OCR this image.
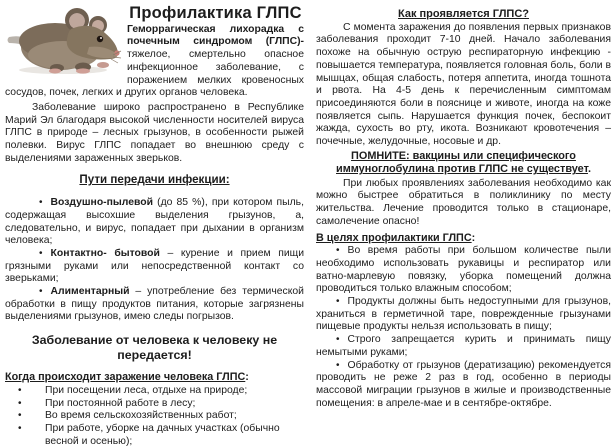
Профилактика ГЛПС

Геморрагическая лихорадка с почечным синдромом (ГЛПС)- тяжелое, смертельно опасное инфекционное заболевание, с поражением мелких кровеносных сосудов, почек, легких и других органов человека.

Заболевание широко распространено в Республике Марий Эл благодаря высокой численности носителей вируса ГЛПС в природе – лесных грызунов, в особенности рыжей полевки. Вирус ГЛПС попадает во внешнюю среду с выделениями зараженных зверьков.

Пути передачи инфекции:

• Воздушно-пылевой (до 85 %), при котором пыль, содержащая высохшие выделения грызунов, а, следовательно, и вирус, попадает при дыхании в организм человека;

• Контактно- бытовой – курение и прием пищи грязными руками или непосредственной контакт со зверьками;

• Алиментарный – употребление без термической обработки в пищу продуктов питания, которые загрязнены выделениями грызунов, имею следы погрызов.

Заболевание от человека к человеку не передается!
Когда происходит заражение человека ГЛПС:
• При посещении леса, отдыхе на природе;
• При постоянной работе в лесу;
• Во время сельскохозяйственных работ;
• При работе, уборке на дачных участках (обычно весной и осенью);
Как проявляется ГЛПС?

С момента заражения до появления первых признаков заболевания проходит 7-10 дней. Начало заболевания похоже на обычную острую респираторную инфекцию - повышается температура, появляется головная боль, боли в мышцах, общая слабость, потеря аппетита, иногда тошнота и рвота. На 4-5 день к перечисленным симптомам присоединяются боли в пояснице и животе, иногда на коже появляется сыпь. Нарушается функция почек, беспокоит жажда, сухость во рту, икота. Возникают кровотечения – почечные, желудочные, носовые и др.

ПОМНИТЕ: вакцины или специфического иммуноглобулина против ГЛПС не существует.

При любых проявлениях заболевания необходимо как можно быстрее обратиться в поликлинику по месту жительства. Лечение проводится только в стационаре, самолечение опасно!

В целях профилактики ГЛПС:

• Во время работы при большом количестве пыли необходимо использовать рукавицы и респиратор или ватно-марлевую повязку, уборка помещений должна проводиться только влажным способом;

• Продукты должны быть недоступными для грызунов, храниться в герметичной таре, поврежденные грызунами пищевые продукты нельзя использовать в пищу;

• Строго запрещается курить и принимать пищу немытыми руками;

• Обработку от грызунов (дератизацию) рекомендуется проводить не реже 2 раз в год, особенно в периоды массовой миграции грызунов в жилые и производственные помещения: в апреле-мае и в сентябре-октябре.
